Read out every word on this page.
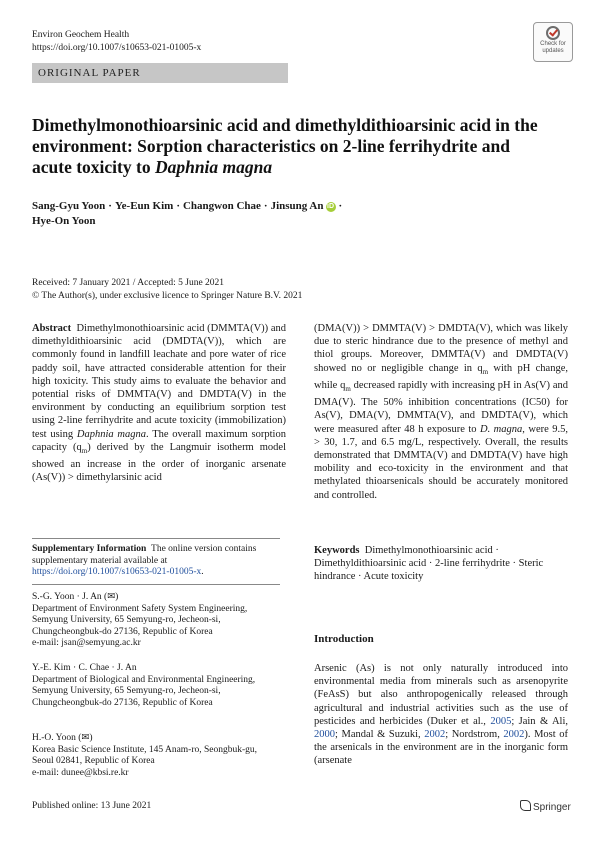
Environ Geochem Health
https://doi.org/10.1007/s10653-021-01005-x	Check for
updates
ORIGINAL PAPER
Dimethylmonothioarsinic acid and dimethyldithioarsinic acid in the environment: Sorption characteristics on 2-line ferrihydrite and acute toxicity to Daphnia magna
Sang-Gyu Yoon · Ye-Eun Kim · Changwon Chae · Jinsung An iD ·
Hye-On Yoon
Received: 7 January 2021 / Accepted: 5 June 2021
© The Author(s), under exclusive licence to Springer Nature B.V. 2021
Abstract Dimethylmonothioarsinic acid (DMMTA(V)) and dimethyldithioarsinic acid (DMDTA(V)), which are commonly found in landfill leachate and pore water of rice paddy soil, have attracted considerable attention for their high toxicity. This study aims to evaluate the behavior and potential risks of DMMTA(V) and DMDTA(V) in the environment by conducting an equilibrium sorption test using 2-line ferrihydrite and acute toxicity (immobilization) test using Daphnia magna. The overall maximum sorption capacity $(q_m)$ derived by the Langmuir isotherm model showed an increase in the order of inorganic arsenate (As(V)) > dimethylarsinic acid
(DMA(V)) > DMMTA(V) > DMDTA(V), which was likely due to steric hindrance due to the presence of methyl and thiol groups. Moreover, DMMTA(V) and DMDTA(V) showed no or negligible change in $q_m$ with pH change, while $q_m$ decreased rapidly with increasing pH in As(V) and DMA(V). The 50% inhibition concentrations (IC50) for As(V), DMA(V), DMMTA(V), and DMDTA(V), which were measured after 48 h exposure to D. magna, were 9.5, > 30, 1.7, and 6.5 mg/L, respectively. Overall, the results demonstrated that DMMTA(V) and DMDTA(V) have high mobility and eco-toxicity in the environment and that methylated thioarsenicals should be accurately monitored and controlled.
Keywords Dimethylmonothioarsinic acid · Dimethyldithioarsinic acid · 2-line ferrihydrite · Steric hindrance · Acute toxicity
Supplementary Information The online version contains supplementary material available at https://doi.org/10.1007/s10653-021-01005-x.
S.-G. Yoon · J. An (✉)
Department of Environment Safety System Engineering, Semyung University, 65 Semyung-ro, Jecheon-si, Chungcheongbuk-do 27136, Republic of Korea
e-mail: jsan@semyung.ac.kr
Y.-E. Kim · C. Chae · J. An
Department of Biological and Environmental Engineering, Semyung University, 65 Semyung-ro, Jecheon-si, Chungcheongbuk-do 27136, Republic of Korea
H.-O. Yoon (✉)
Korea Basic Science Institute, 145 Anam-ro, Seongbuk-gu, Seoul 02841, Republic of Korea
e-mail: dunee@kbsi.re.kr
Introduction
Arsenic (As) is not only naturally introduced into environmental media from minerals such as arsenopyrite (FeAsS) but also anthropogenically released through agricultural and industrial activities such as the use of pesticides and herbicides (Duker et al., 2005; Jain & Ali, 2000; Mandal & Suzuki, 2002; Nordstrom, 2002). Most of the arsenicals in the environment are in the inorganic form (arsenate
Published online: 13 June 2021	Springer
